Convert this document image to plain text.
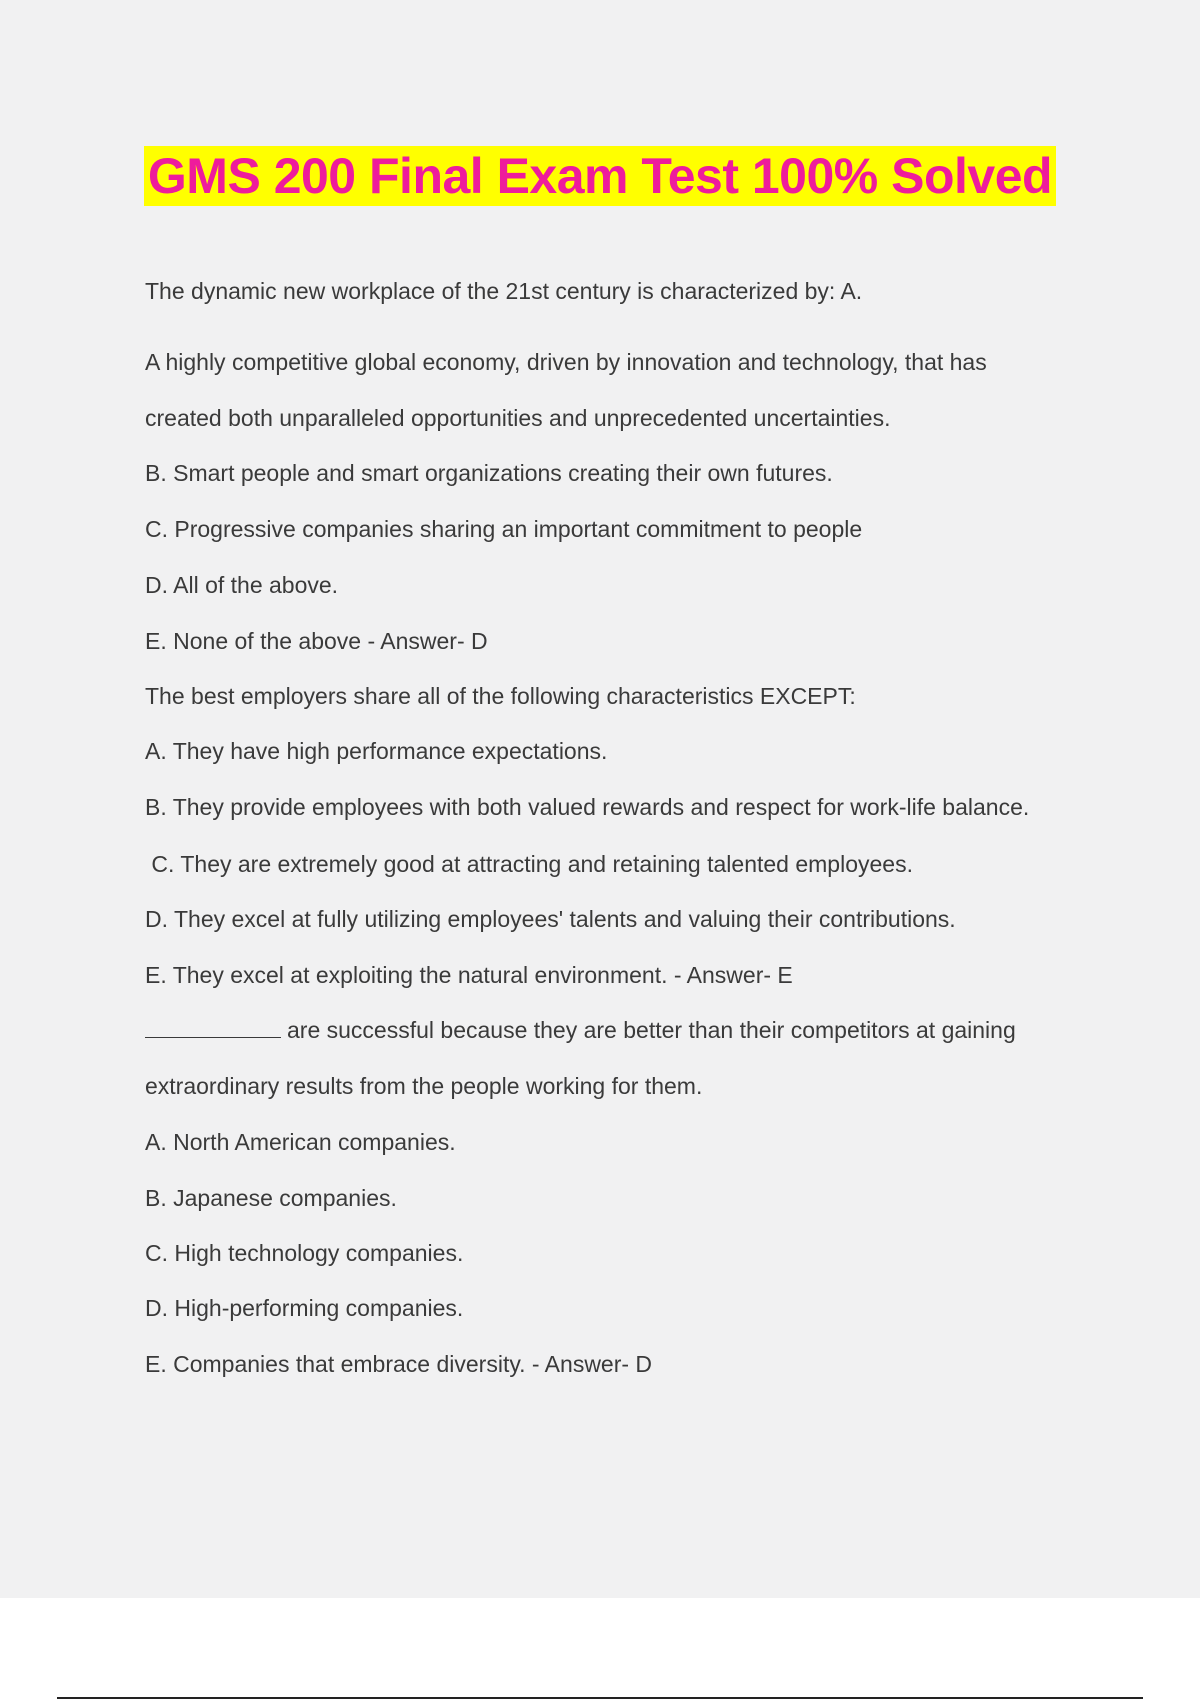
GMS 200 Final Exam Test 100% Solved
The dynamic new workplace of the 21st century is characterized by: A.
A highly competitive global economy, driven by innovation and technology, that has
created both unparalleled opportunities and unprecedented uncertainties.
B. Smart people and smart organizations creating their own futures.
C. Progressive companies sharing an important commitment to people
D. All of the above.
E. None of the above - Answer- D
The best employers share all of the following characteristics EXCEPT:
A. They have high performance expectations.
B. They provide employees with both valued rewards and respect for work-life balance.
C. They are extremely good at attracting and retaining talented employees.
D. They excel at fully utilizing employees' talents and valuing their contributions.
E. They excel at exploiting the natural environment. - Answer- E
are successful because they are better than their competitors at gaining
extraordinary results from the people working for them.
A. North American companies.
B. Japanese companies.
C. High technology companies.
D. High-performing companies.
E. Companies that embrace diversity. - Answer- D
